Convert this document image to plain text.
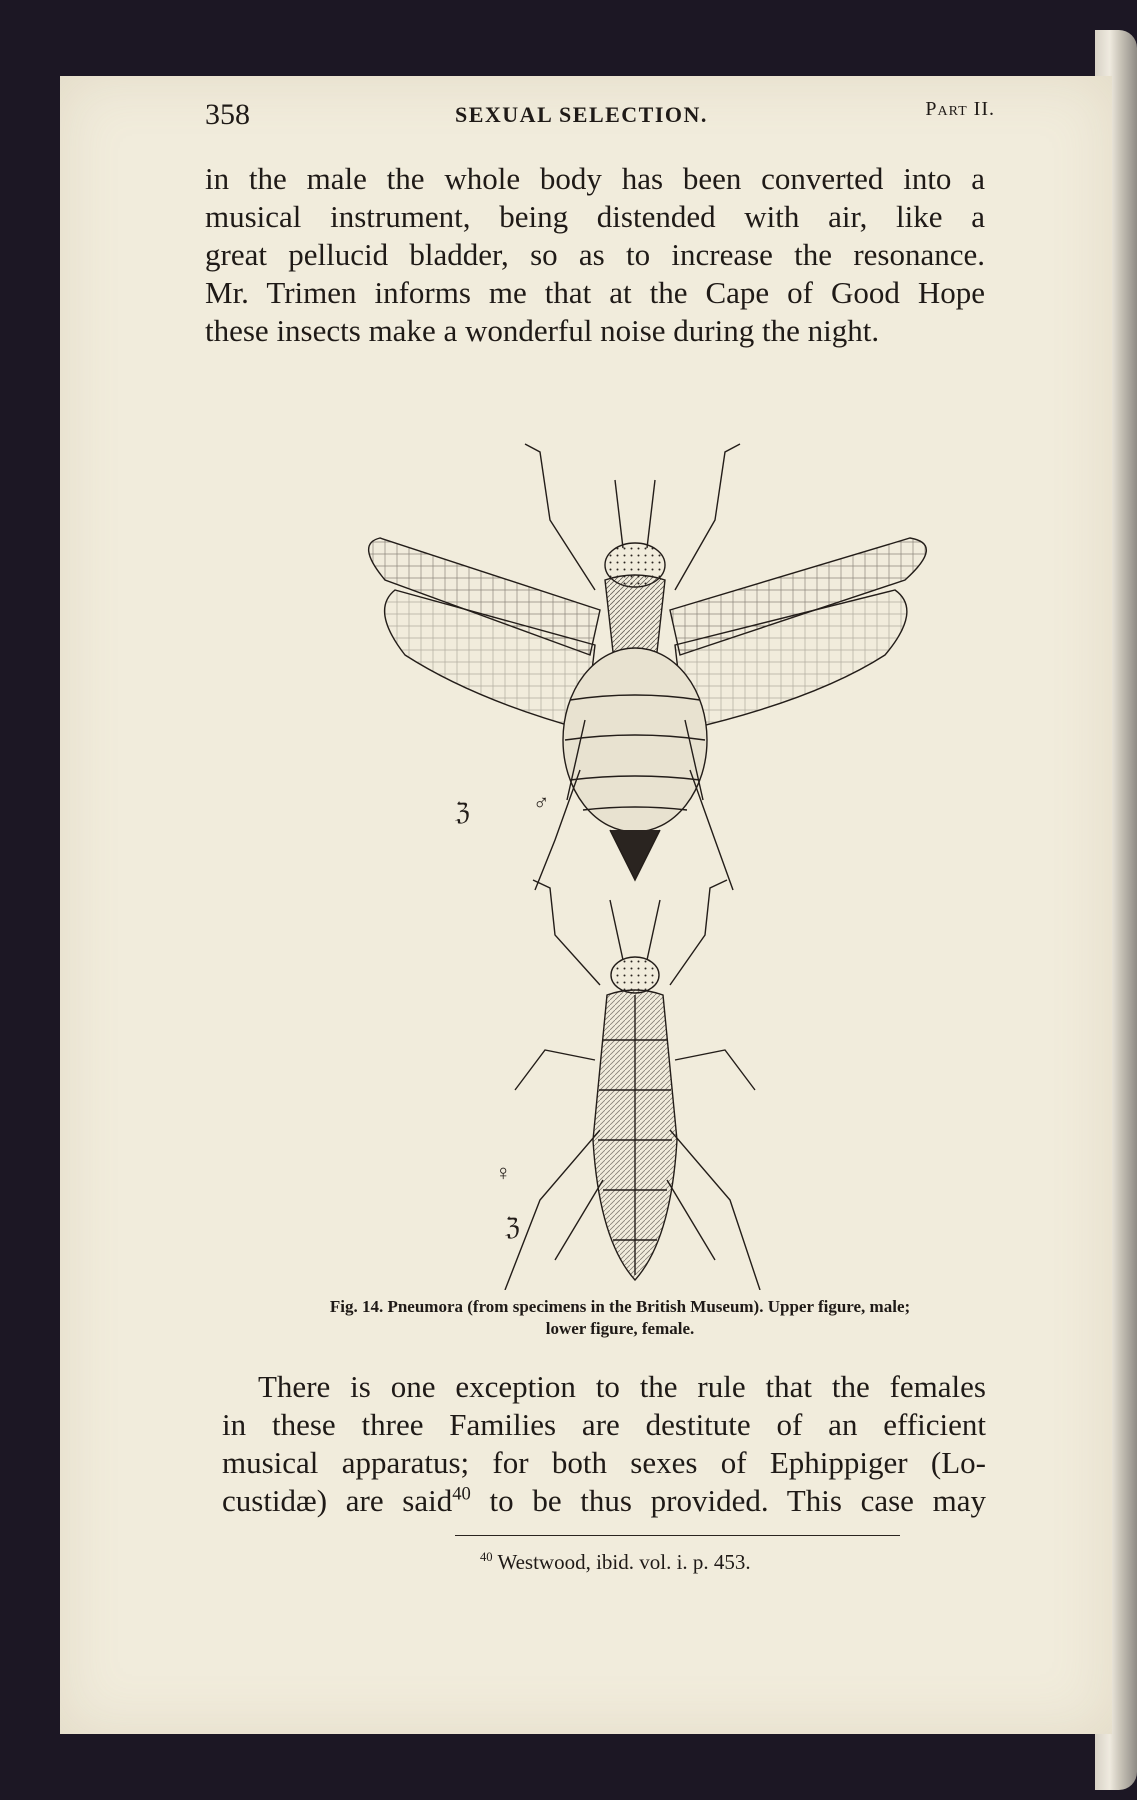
358	SEXUAL SELECTION.	Part II.
in the male the whole body has been converted into a
musical instrument, being distended with air, like a
great pellucid bladder, so as to increase the resonance.
Mr. Trimen informs me that at the Cape of Good Hope
these insects make a wonderful noise during the night.
ℨ	♂
♀
ℨ
Fig. 14. Pneumora (from specimens in the British Museum). Upper figure, male;
lower figure, female.
There is one exception to the rule that the females
in these three Families are destitute of an efficient
musical apparatus; for both sexes of Ephippiger (Lo-
custidæ) are said$^{40}$ to be thus provided. This case may
$^{40}$ Westwood, ibid. vol. i. p. 453.
